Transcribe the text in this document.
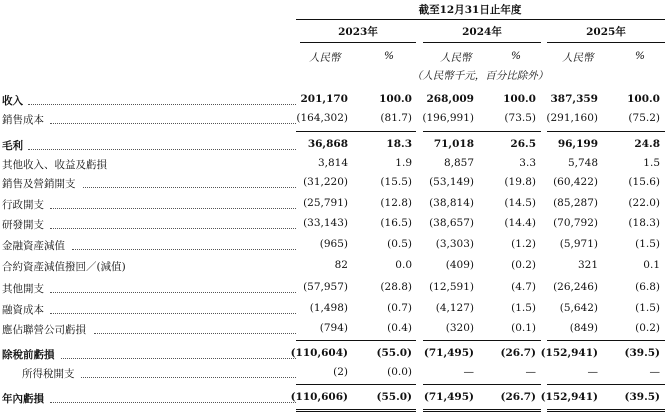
截至12月31日止年度
2023年	2024年	2025年
人民幣	%	人民幣	%	人民幣	%
（人民幣千元，百分比除外）
收入	201,170	100.0	268,009	100.0	387,359	100.0
銷售成本	(164,302)	(81.7) (196,991)	(73.5) (291,160)	(75.2)
毛利	36,868	18.3	71,018	26.5	96,199	24.8
其他收入、收益及虧損	3,814	1.9	8,857	3.3	5,748	1.5
銷售及營銷開支	(31,220)	(15.5)	(53,149)	(19.8)	(60,422)	(15.6)
行政開支	(25,791)	(12.8)	(38,814)	(14.5)	(85,287)	(22.0)
研發開支	(33,143)	(16.5)	(38,657)	(14.4)	(70,792)	(18.3)
金融資產減值	(965)	(0.5)	(3,303)	(1.2)	(5,971)	(1.5)
合約資產減值撥回／(減值)	82	0.0	(409)	(0.2)	321	0.1
其他開支	(57,957)	(28.8)	(12,591)	(4.7)	(26,246)	(6.8)
融資成本	(1,498)	(0.7)	(4,127)	(1.5)	(5,642)	(1.5)
應佔聯營公司虧損	(794)	(0.4)	(320)	(0.1)	(849)	(0.2)
除稅前虧損	(110,604)	(55.0)	(71,495)	(26.7) (152,941)	(39.5)
所得稅開支	(2)	(0.0)	—	—	—	—
年內虧損	(110,606)	(55.0)	(71,495)	(26.7) (152,941)	(39.5)
